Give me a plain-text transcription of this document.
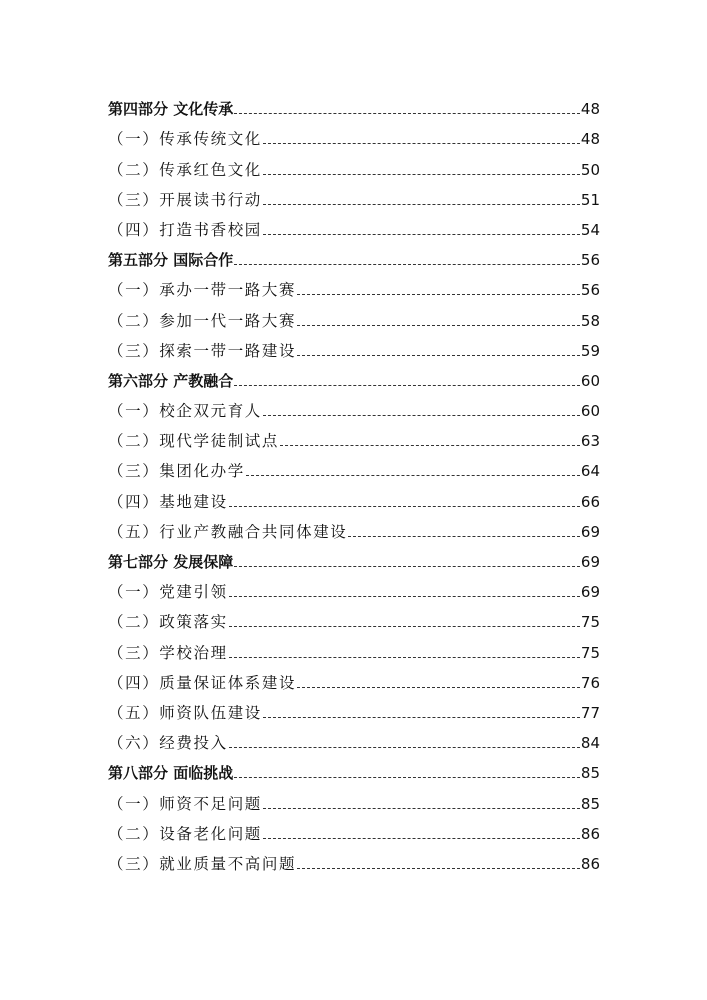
第四部分 文化传承	48
（一）传承传统文化	48
（二）传承红色文化	50
（三）开展读书行动	51
（四）打造书香校园	54
第五部分 国际合作	56
（一）承办一带一路大赛	56
（二）参加一代一路大赛	58
（三）探索一带一路建设	59
第六部分 产教融合	60
（一）校企双元育人	60
（二）现代学徒制试点	63
（三）集团化办学	64
（四）基地建设	66
（五）行业产教融合共同体建设	69
第七部分 发展保障	69
（一）党建引领	69
（二）政策落实	75
（三）学校治理	75
（四）质量保证体系建设	76
（五）师资队伍建设	77
（六）经费投入	84
第八部分 面临挑战	85
（一）师资不足问题	85
（二）设备老化问题	86
（三）就业质量不高问题	86
